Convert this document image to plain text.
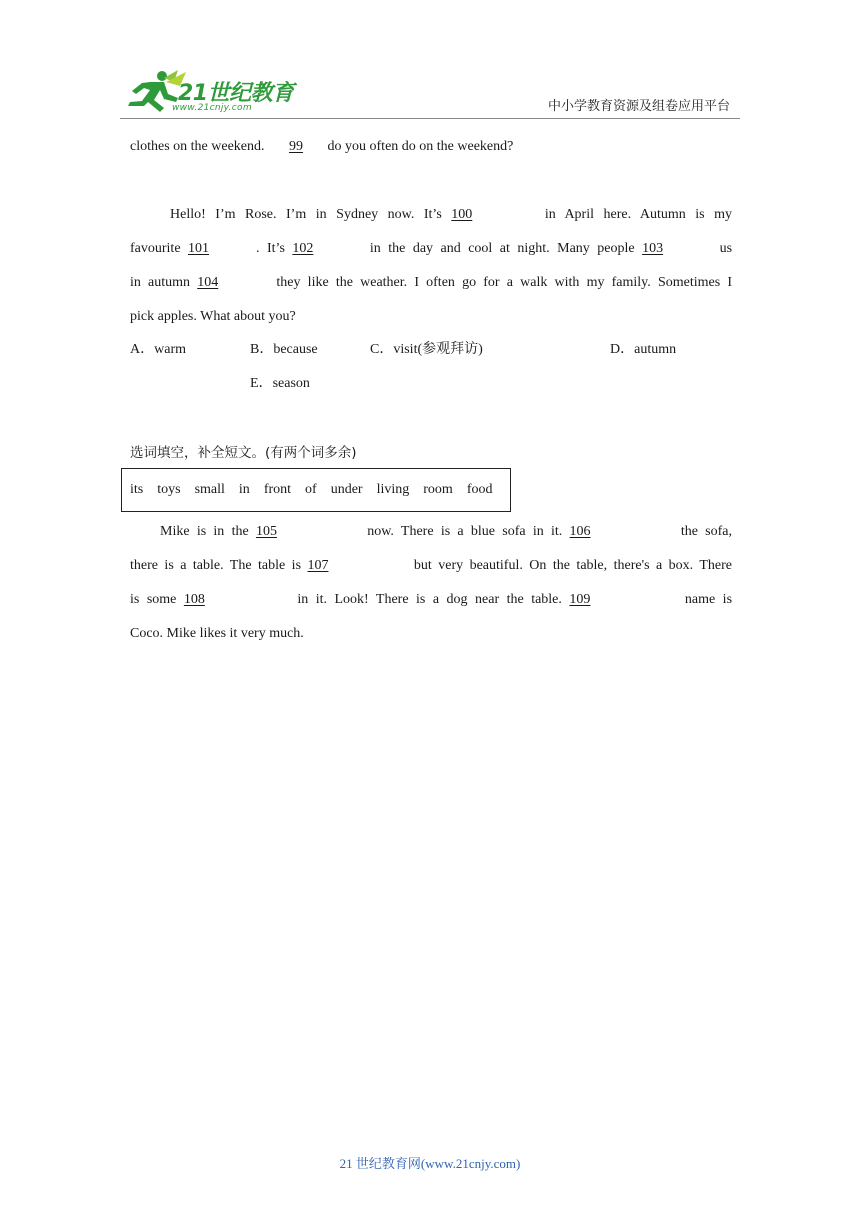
21世纪教育
www.21cnjy.com	中小学教育资源及组卷应用平台
clothes on the weekend. 99 do you often do on the weekend?
Hello! I’m Rose. I’m in Sydney now. It’s 100	in April here. Autumn is my
favourite 101	. It’s 102	in the day and cool at night. Many people 103	us
in autumn 104	they like the weather. I often go for a walk with my family. Sometimes I
pick apples. What about you?
A．warm	B．because	C．visit(参观拜访)	D．autumn
E．season
选词填空，补全短文。(有两个词多余)
its toys small in front of under living room food
Mike is in the 105	now. There is a blue sofa in it. 106	the sofa,
there is a table. The table is 107	but very beautiful. On the table, there's a box. There
is some 108	in it. Look! There is a dog near the table. 109	name is
Coco. Mike likes it very much.
21 世纪教育网(www.21cnjy.com)
